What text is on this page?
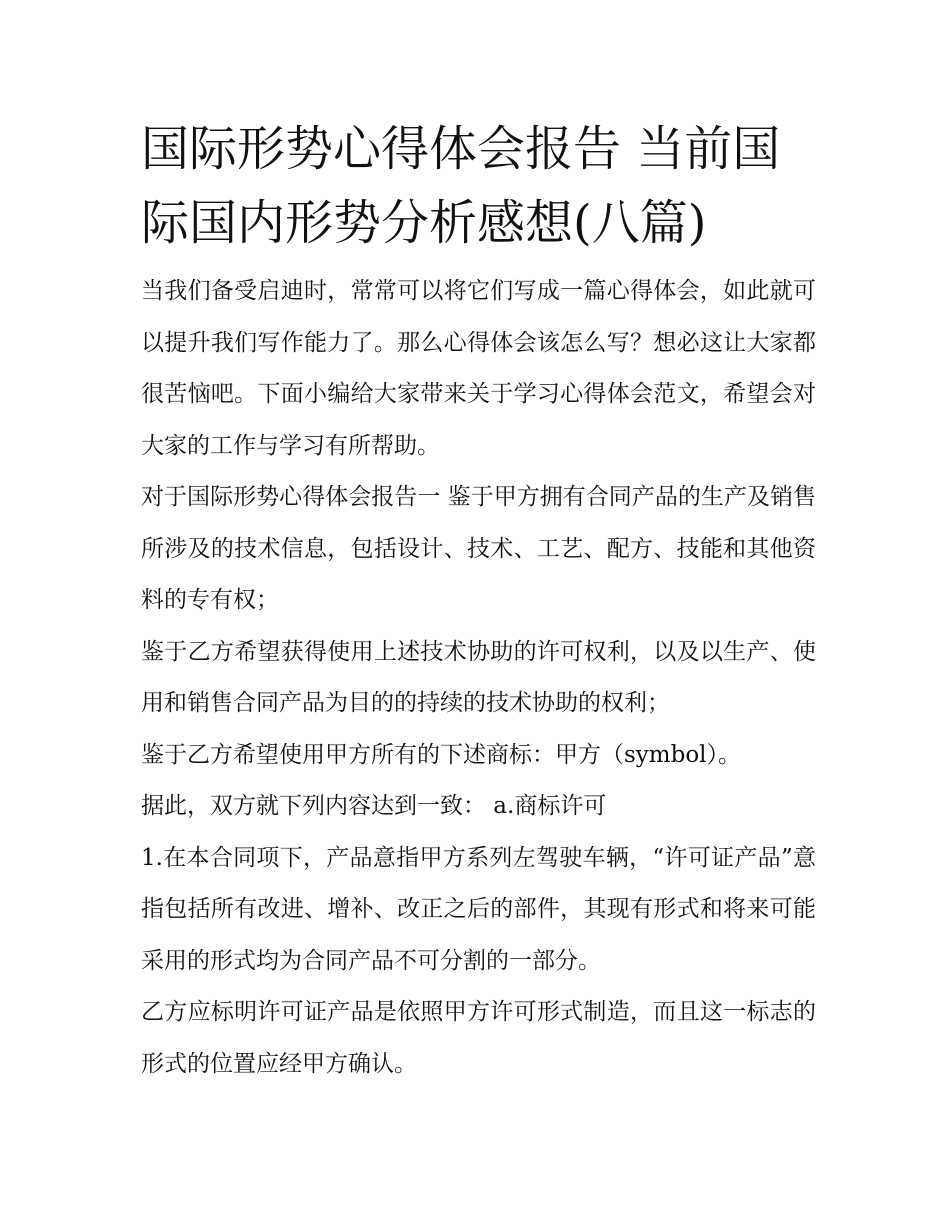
国际形势心得体会报告 当前国际国内形势分析感想(八篇)

当我们备受启迪时，常常可以将它们写成一篇心得体会，如此就可以提升我们写作能力了。那么心得体会该怎么写？想必这让大家都很苦恼吧。下面小编给大家带来关于学习心得体会范文，希望会对大家的工作与学习有所帮助。

对于国际形势心得体会报告一 鉴于甲方拥有合同产品的生产及销售所涉及的技术信息，包括设计、技术、工艺、配方、技能和其他资料的专有权；

鉴于乙方希望获得使用上述技术协助的许可权利，以及以生产、使用和销售合同产品为目的的持续的技术协助的权利；

鉴于乙方希望使用甲方所有的下述商标：甲方（symbol）。

据此，双方就下列内容达到一致： a.商标许可

1.在本合同项下，产品意指甲方系列左驾驶车辆，“许可证产品”意指包括所有改进、增补、改正之后的部件，其现有形式和将来可能采用的形式均为合同产品不可分割的一部分。

乙方应标明许可证产品是依照甲方许可形式制造，而且这一标志的形式的位置应经甲方确认。
